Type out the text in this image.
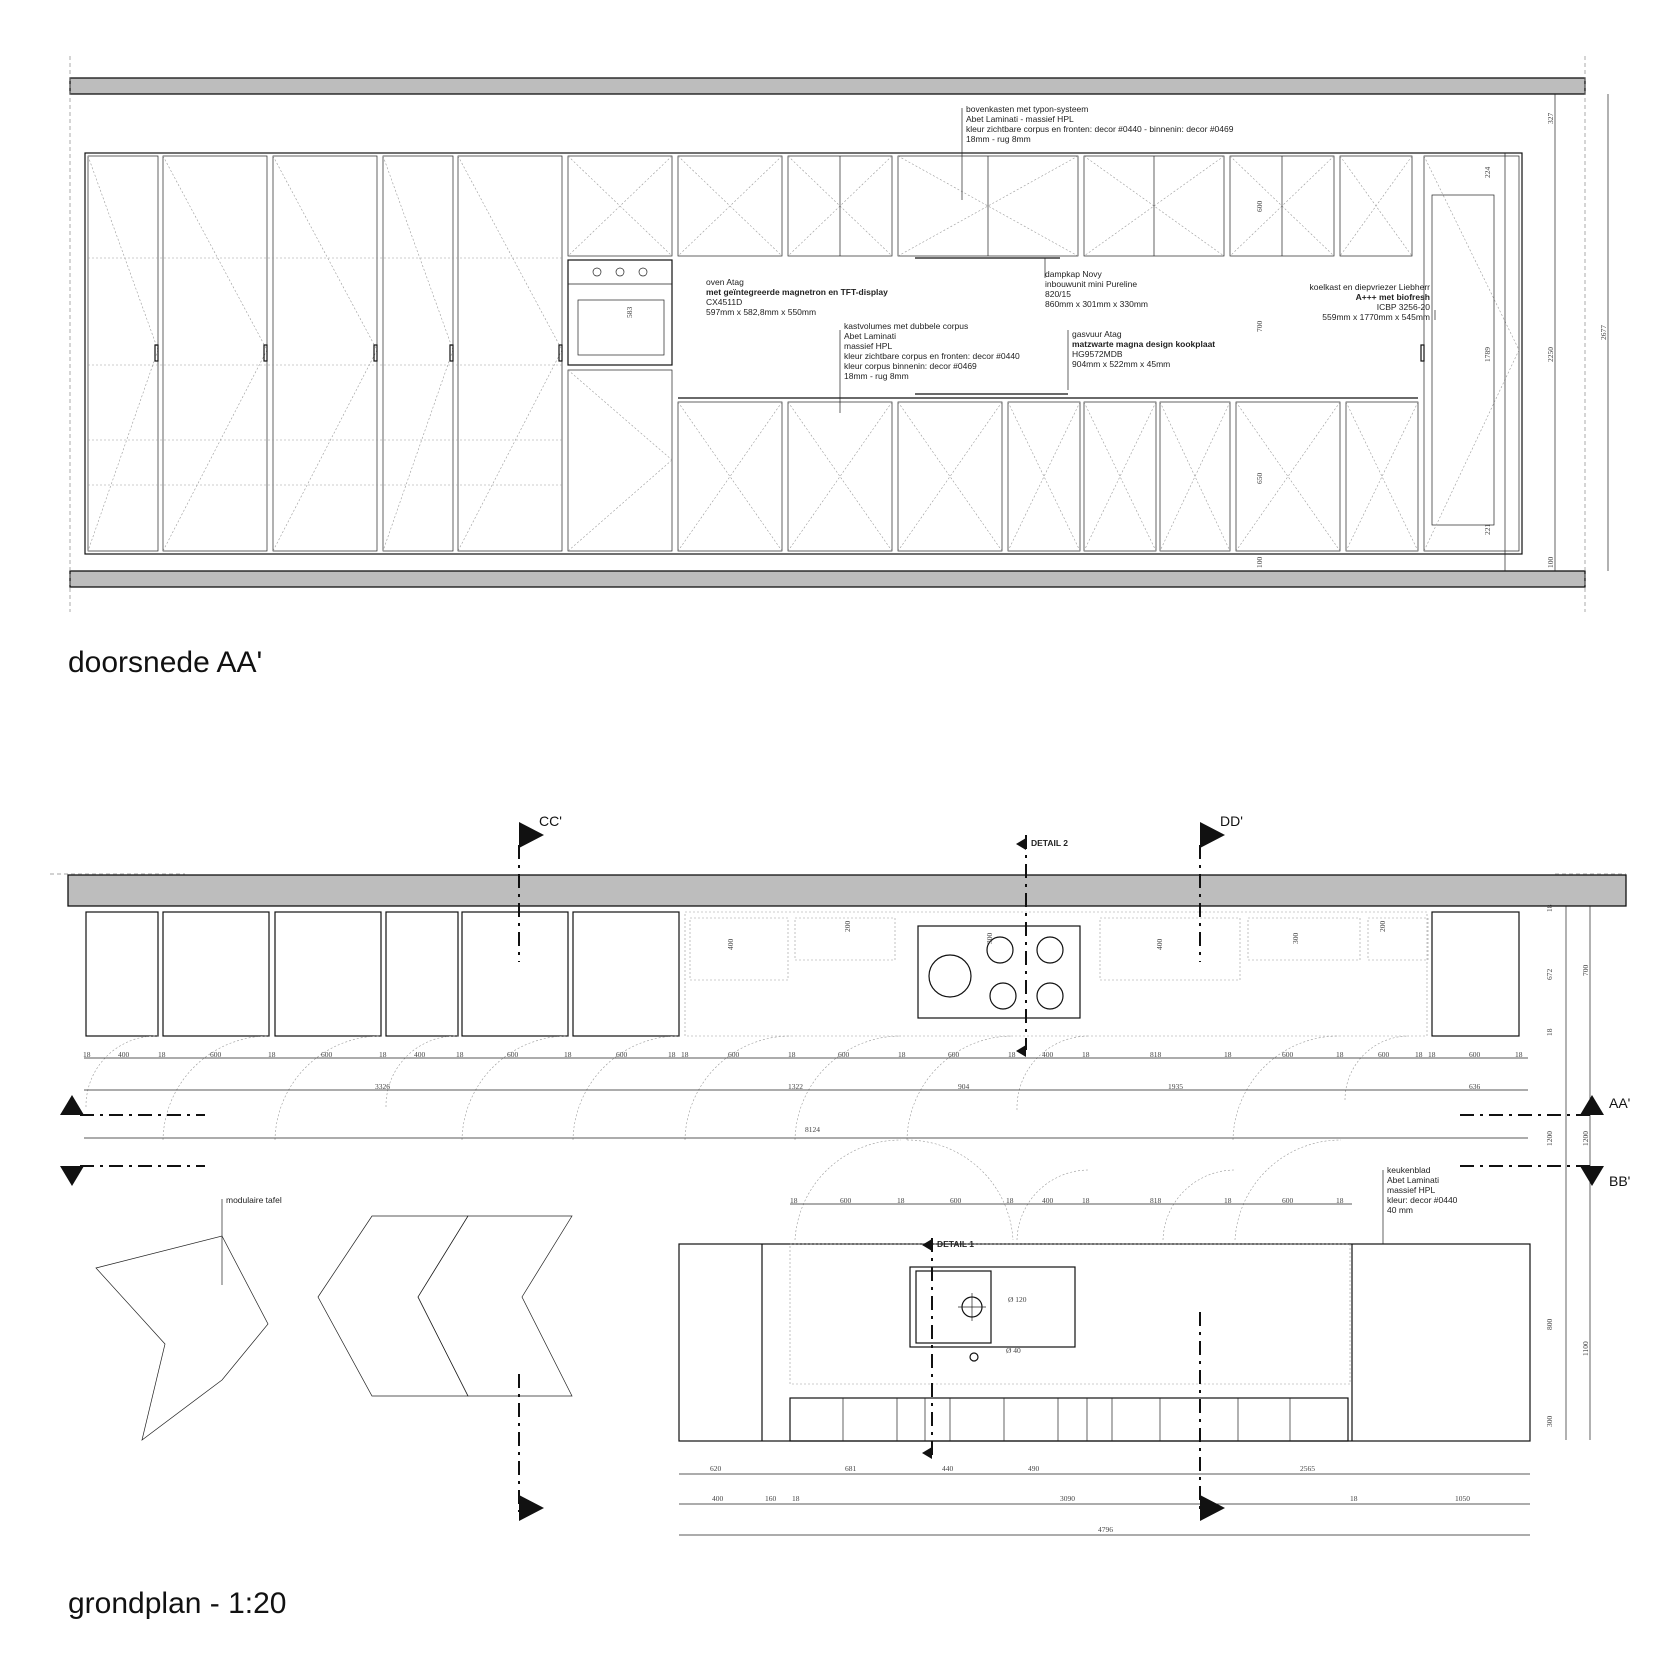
583
327
2250
2677
224
1789
221
100
600
700
650
100
bovenkasten met typon-systeem
Abet Laminati - massief HPL
kleur zichtbare corpus en fronten: decor #0440 - binnenin: decor #0469
18mm - rug 8mm
oven Atag
met geïntegreerde magnetron en TFT-display
CX4511D
597mm x 582,8mm x 550mm
dampkap Novy
inbouwunit mini Pureline
820/15
860mm x 301mm x 330mm
koelkast en diepvriezer Liebherr
A+++ met biofresh
ICBP 3256-20
559mm x 1770mm x 545mm
kastvolumes met dubbele corpus
Abet Laminati
massief HPL
kleur zichtbare corpus en fronten: decor #0440
kleur corpus binnenin: decor #0469
18mm - rug 8mm
gasvuur Atag
matzwarte magna design kookplaat
HG9572MDB
904mm x 522mm x 45mm
doorsnede AA'
400
200
300
400
300
200
18	400	18	600	18	600	18	400	18	600	18	600	18 18	600	18	600	18	600	18	400	18	818	18	600	18	600	18 18	600	18
3326	1322	904	1935	636
8124
18	600	18	600	18	400	18	818	18	600	18
Ø 120
Ø 40
620	681	440	490	2565
400	160 18	3090	18	1050
4796
18
672	700
18
1200	1200
800
1100
300
modulaire tafel
keukenblad
Abet Laminati
massief HPL
kleur: decor #0440
40 mm
CC'	DD'
AA'
BB'
DETAIL 2
DETAIL 1
grondplan - 1:20
